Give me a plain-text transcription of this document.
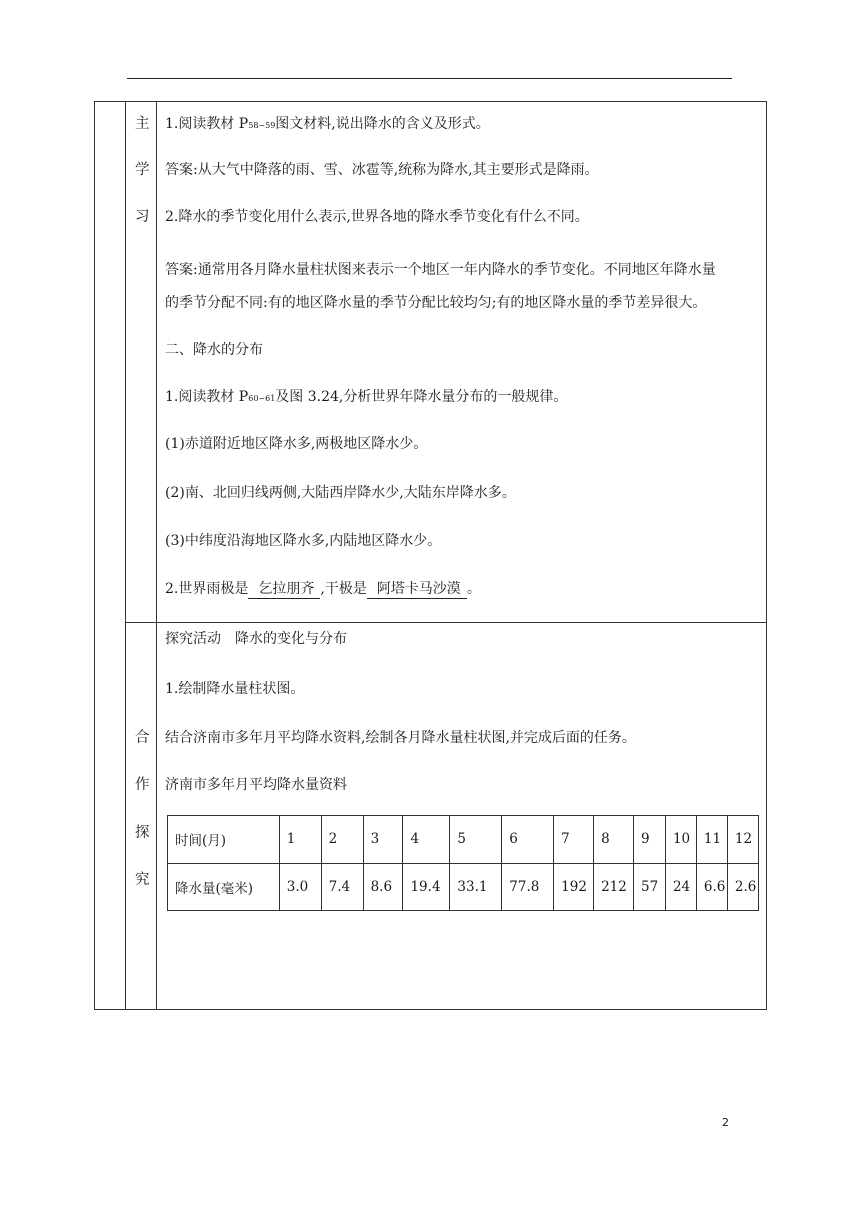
主
学
习
合
作
探
究
1.阅读教材 P58~59图文材料,说出降水的含义及形式。
答案:从大气中降落的雨、雪、冰雹等,统称为降水,其主要形式是降雨。
2.降水的季节变化用什么表示,世界各地的降水季节变化有什么不同。
答案:通常用各月降水量柱状图来表示一个地区一年内降水的季节变化。不同地区年降水量
的季节分配不同:有的地区降水量的季节分配比较均匀;有的地区降水量的季节差异很大。
二、降水的分布
1.阅读教材 P60~61及图 3.24,分析世界年降水量分布的一般规律。
(1)赤道附近地区降水多,两极地区降水少。
(2)南、北回归线两侧,大陆西岸降水少,大陆东岸降水多。
(3)中纬度沿海地区降水多,内陆地区降水少。
2.世界雨极是 乞拉朋齐 ,干极是 阿塔卡马沙漠 。
探究活动　降水的变化与分布
1.绘制降水量柱状图。
结合济南市多年月平均降水资料,绘制各月降水量柱状图,并完成后面的任务。
济南市多年月平均降水量资料
时间(月)	1	2	3	4	5	6	7	8	9	10	11	12
降水量(毫米)	3.0	7.4	8.6	19.4	33.1	77.8	192	212	57	24	6.6	2.6
2
